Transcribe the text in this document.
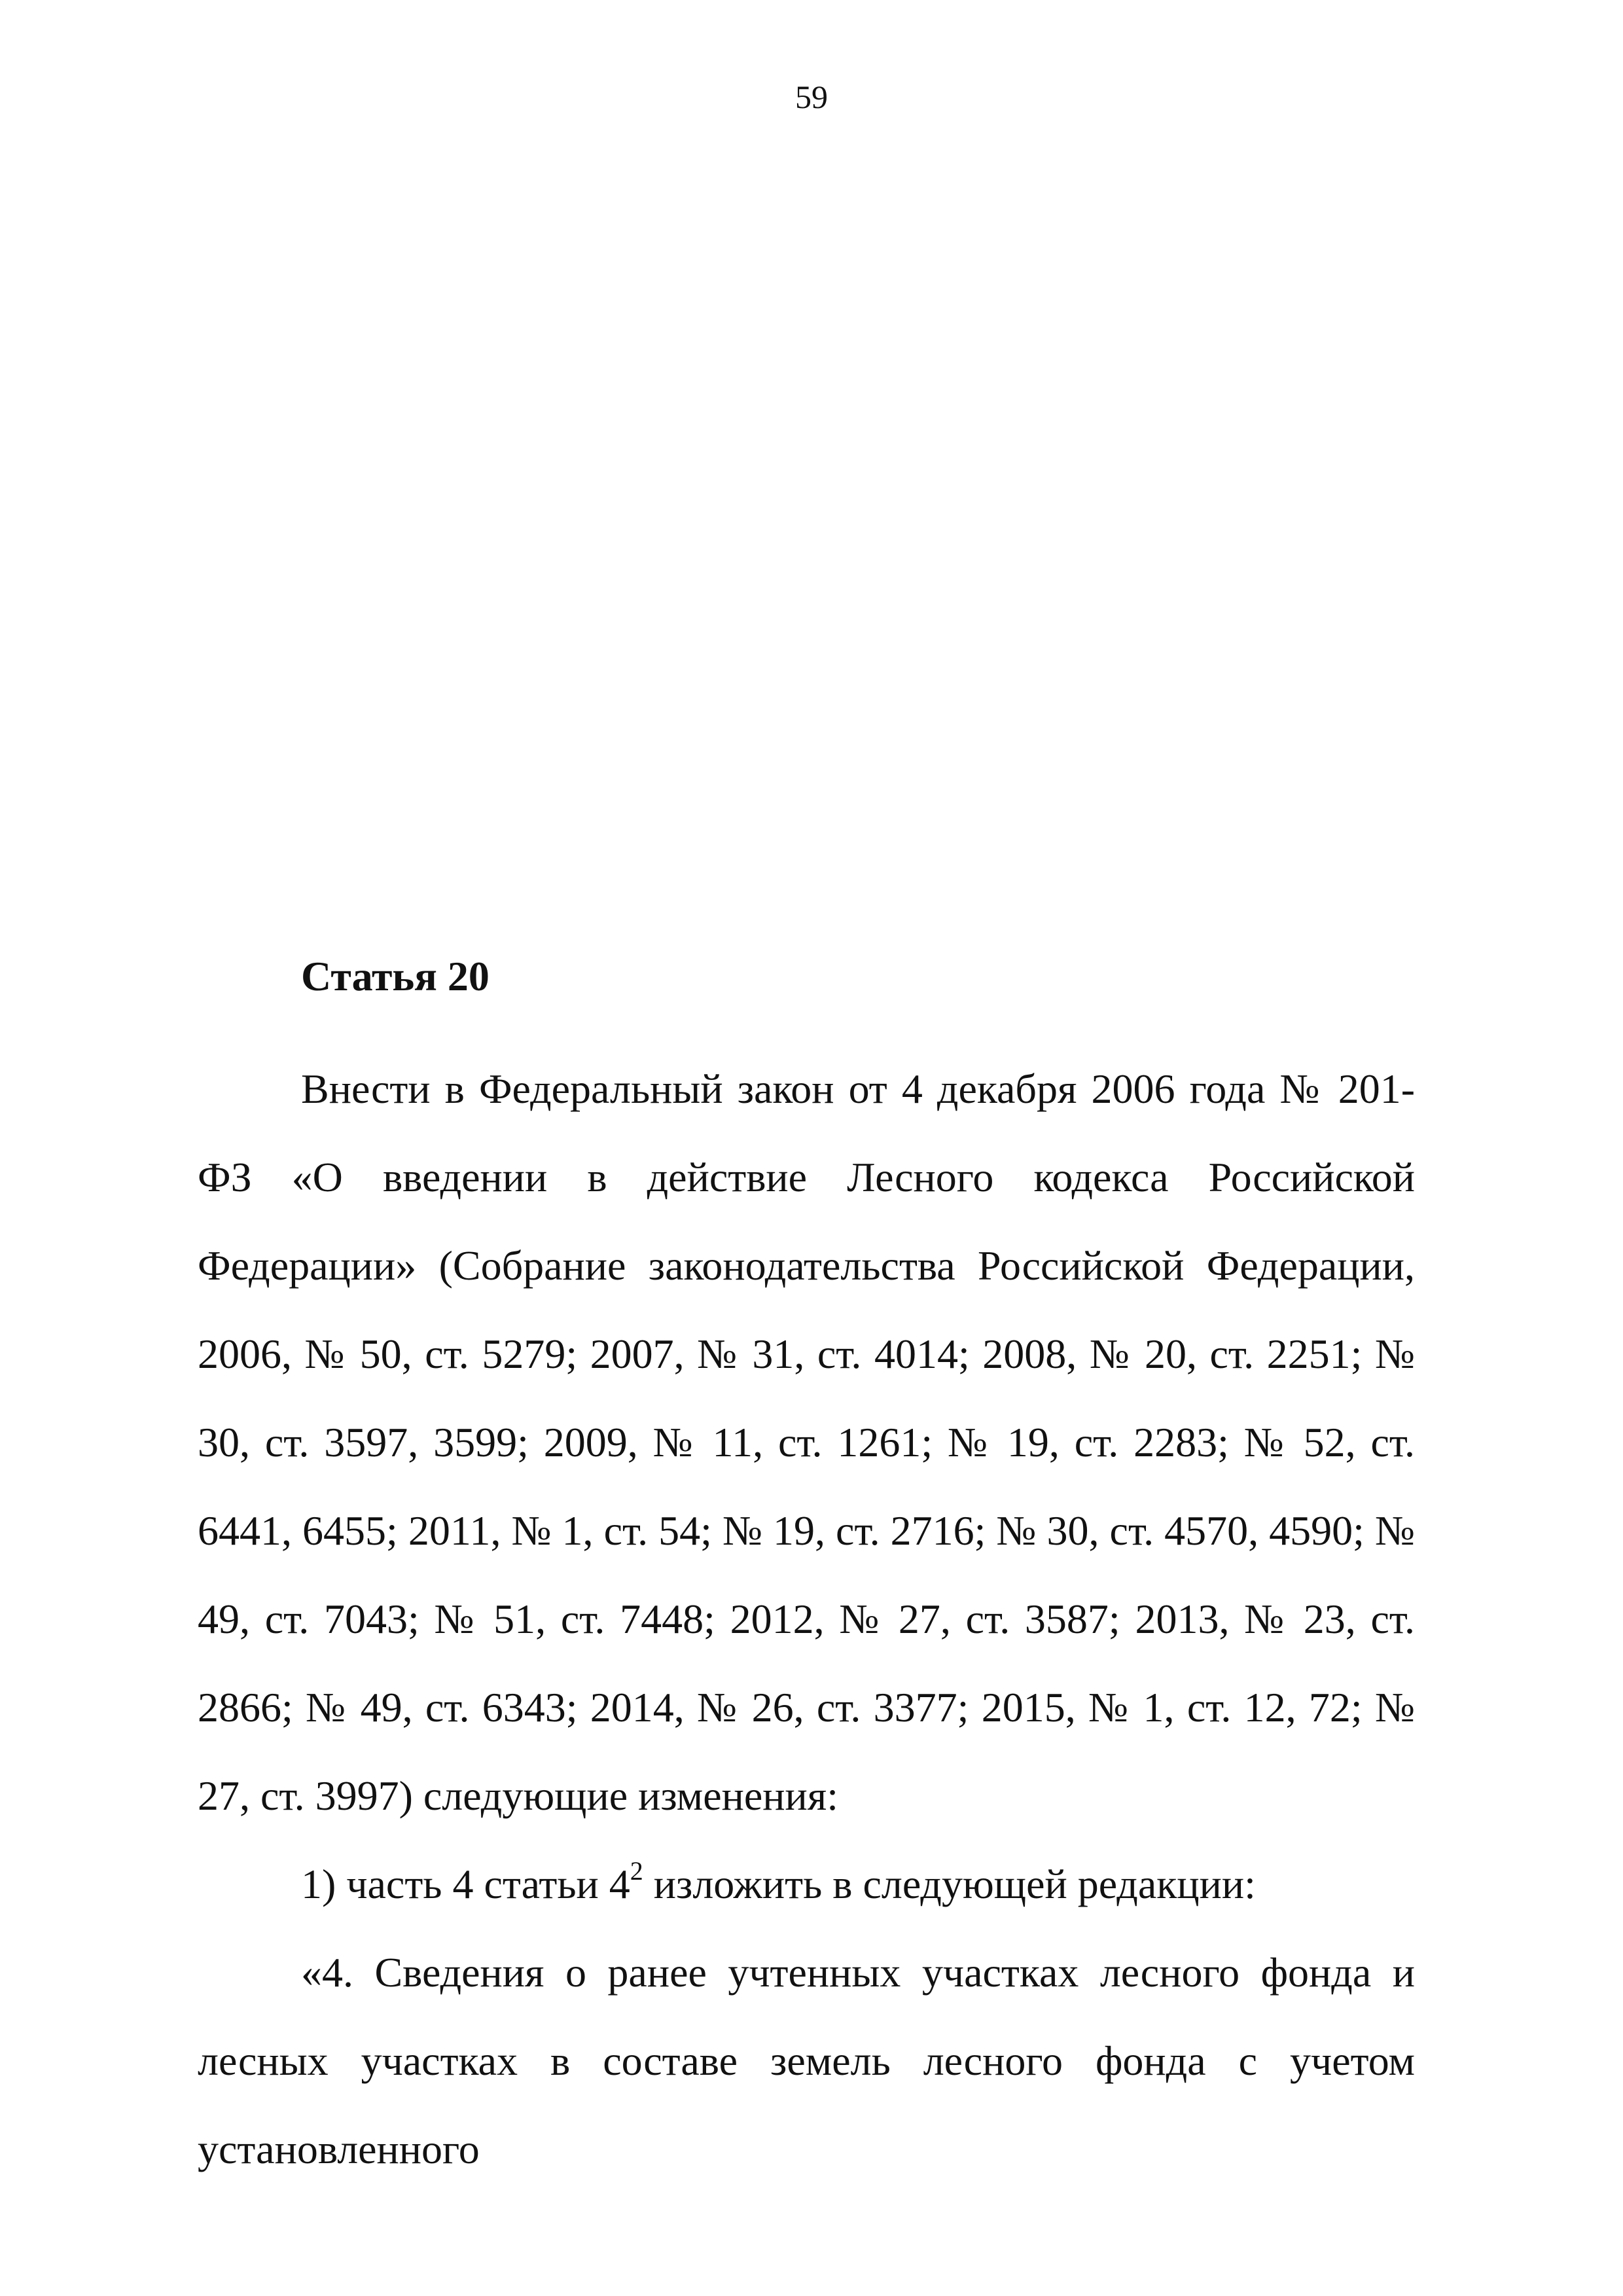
59
Статья 20

Внести в Федеральный закон от 4 декабря 2006 года № 201-ФЗ «О введении в действие Лесного кодекса Российской Федерации» (Собрание законодательства Российской Федерации, 2006, № 50, ст. 5279; 2007, № 31, ст. 4014; 2008, № 20, ст. 2251; № 30, ст. 3597, 3599; 2009, № 11, ст. 1261; № 19, ст. 2283; № 52, ст. 6441, 6455; 2011, № 1, ст. 54; № 19, ст. 2716; № 30, ст. 4570, 4590; № 49, ст. 7043; № 51, ст. 7448; 2012, № 27, ст. 3587; 2013, № 23, ст. 2866; № 49, ст. 6343; 2014, № 26, ст. 3377; 2015, № 1, ст. 12, 72; № 27, ст. 3997) следующие изменения:

1) часть 4 статьи $4^2$ изложить в следующей редакции:

«4. Сведения о ранее учтенных участках лесного фонда и лесных участках в составе земель лесного фонда с учетом установленного
